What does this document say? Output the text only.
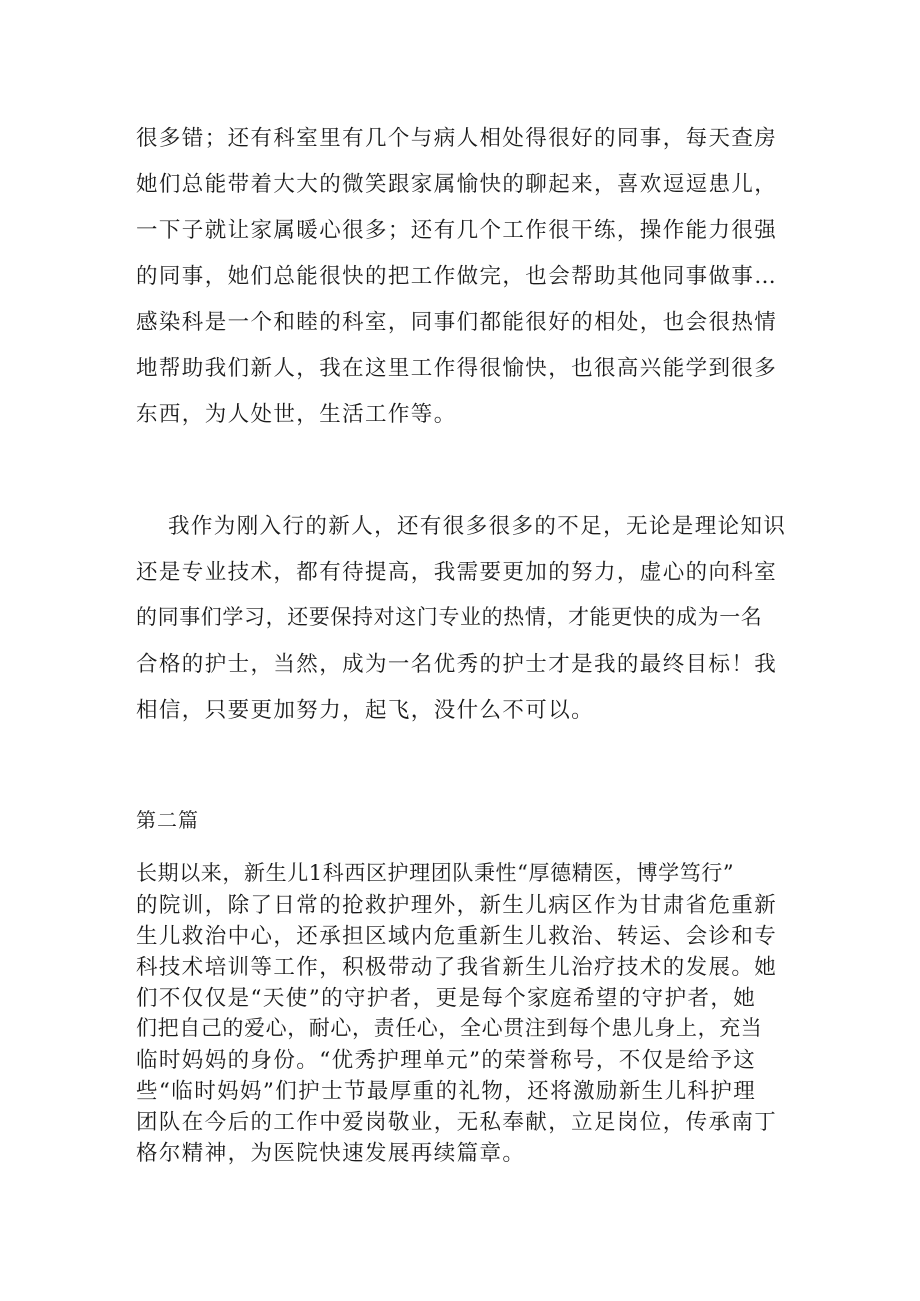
很多错；还有科室里有几个与病人相处得很好的同事，每天查房
她们总能带着大大的微笑跟家属愉快的聊起来，喜欢逗逗患儿，
一下子就让家属暖心很多；还有几个工作很干练，操作能力很强
的同事，她们总能很快的把工作做完，也会帮助其他同事做事…
感染科是一个和睦的科室，同事们都能很好的相处，也会很热情
地帮助我们新人，我在这里工作得很愉快，也很高兴能学到很多
东西，为人处世，生活工作等。
我作为刚入行的新人，还有很多很多的不足，无论是理论知识
还是专业技术，都有待提高，我需要更加的努力，虚心的向科室
的同事们学习，还要保持对这门专业的热情，才能更快的成为一名
合格的护士，当然，成为一名优秀的护士才是我的最终目标！我
相信，只要更加努力，起飞，没什么不可以。
第二篇
长期以来，新生儿1科西区护理团队秉性“厚德精医，博学笃行”
的院训，除了日常的抢救护理外，新生儿病区作为甘肃省危重新
生儿救治中心，还承担区域内危重新生儿救治、转运、会诊和专
科技术培训等工作，积极带动了我省新生儿治疗技术的发展。她
们不仅仅是“天使”的守护者，更是每个家庭希望的守护者，她
们把自己的爱心，耐心，责任心，全心贯注到每个患儿身上，充当
临时妈妈的身份。“优秀护理单元”的荣誉称号，不仅是给予这
些“临时妈妈”们护士节最厚重的礼物，还将激励新生儿科护理
团队在今后的工作中爱岗敬业，无私奉献，立足岗位，传承南丁
格尔精神，为医院快速发展再续篇章。
